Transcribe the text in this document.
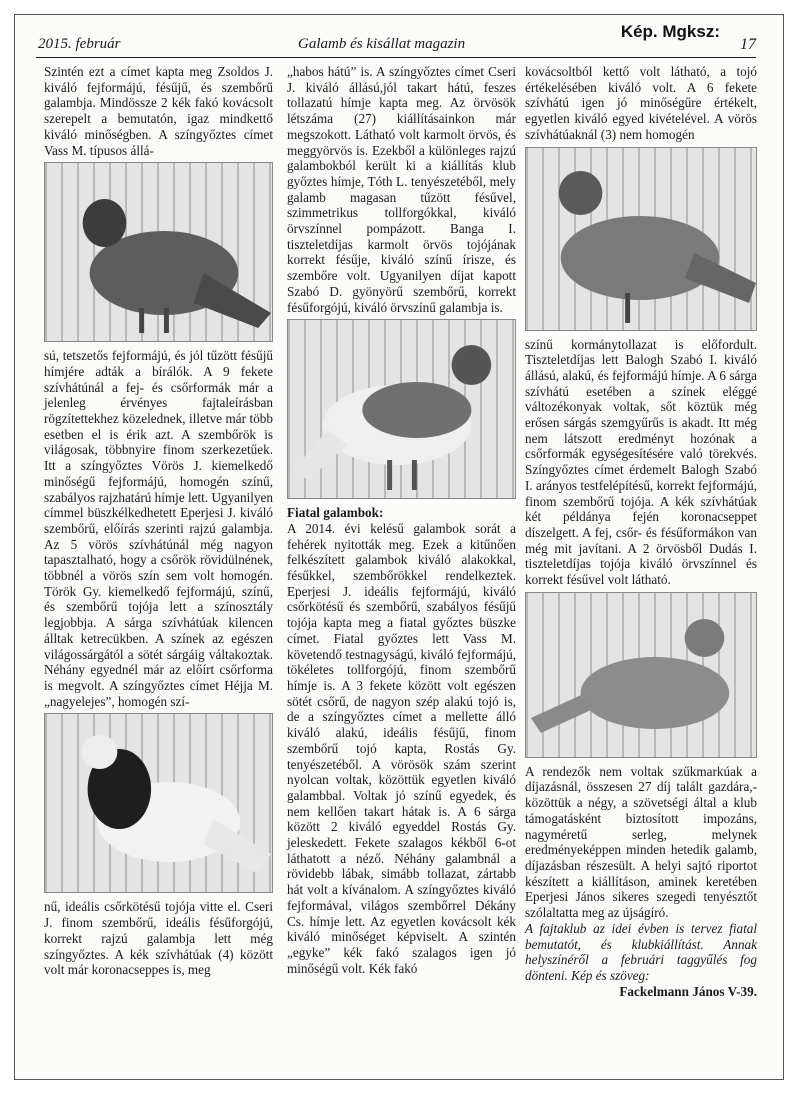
Kép. Mgksz:
2015. február	Galamb és kisállat magazin	17

Szintén ezt a címet kapta meg Zsoldos J. kiváló fejformájú, fésűjű, és szembőrű galambja. Mindössze 2 kék fakó kovácsolt szerepelt a bemutatón, igaz mindkettő kiváló minőségben. A színgyőztes címet Vass M. típusos állá-

sú, tetszetős fejformájú, és jól tűzött fésűjű hímjére adták a bírálók. A 9 fekete szívhátúnál a fej- és csőrformák már a jelenleg érvényes fajtaleírásban rögzítettekhez közelednek, illetve már több esetben el is érik azt. A szembőrök is világosak, többnyire finom szerkezetűek. Itt a színgyőztes Vörös J. kiemelkedő minőségű fejformájú, homogén színű, szabályos rajzhatárú hímje lett. Ugyanilyen címmel büszkélkedhetett Eperjesi J. kiváló szembőrű, előírás szerinti rajzú galambja. Az 5 vörös szívhátúnál még nagyon tapasztalható, hogy a csőrök rövidülnének, többnél a vörös szín sem volt homogén. Török Gy. kiemelkedő fejformájú, színű, és szembőrű tojója lett a színosztály legjobbja. A sárga szívhátúak kilencen álltak ketrecükben. A színek az egészen világossárgától a sötét sárgáig váltakoztak. Néhány egyednél már az előírt csőrforma is megvolt. A színgyőztes címet Héjja M. „nagyelejes”, homogén szí-

nű, ideális csőrkötésű tojója vitte el. Cseri J. finom szembőrű, ideális fésűforgójú, korrekt rajzú galambja lett még színgyőztes. A kék szívhátúak (4) között volt már koronacseppes is, meg

„habos hátú” is. A színgyőztes címet Cseri J. kiváló állású,jól takart hátú, feszes tollazatú hímje kapta meg. Az örvösök létszáma (27) kiállításainkon már megszokott. Látható volt karmolt örvös, és meggyörvös is. Ezekből a különleges rajzú galambokból került ki a kiállítás klub győztes hímje, Tóth L. tenyészetéből, mely galamb magasan tűzött fésűvel, szimmetrikus tollforgókkal, kiváló örvszínnel pompázott. Banga I. tiszteletdíjas karmolt örvös tojójának korrekt fésűje, kiváló színű írisze, és szembőre volt. Ugyanilyen díjat kapott Szabó D. gyönyörű szembőrű, korrekt fésűforgójú, kiváló örvszínű galambja is.

Fiatal galambok:

A 2014. évi kelésű galambok sorát a fehérek nyitották meg. Ezek a kitűnően felkészített galambok kiváló alakokkal, fésűkkel, szembőrökkel rendelkeztek. Eperjesi J. ideális fejformájú, kiváló csőrkötésű és szembőrű, szabályos fésűjű tojója kapta meg a fiatal győztes büszke címet. Fiatal győztes lett Vass M. követendő testnagyságú, kiváló fejformájú, tökéletes tollforgójú, finom szembőrű hímje is. A 3 fekete között volt egészen sötét csőrű, de nagyon szép alakú tojó is, de a színgyőztes címet a mellette álló kiváló alakú, ideális fésűjű, finom szembőrű tojó kapta, Rostás Gy. tenyészetéből. A vörösök szám szerint nyolcan voltak, közöttük egyetlen kiváló galambbal. Voltak jó színű egyedek, és nem kellően takart hátak is. A 6 sárga között 2 kiváló egyeddel Rostás Gy. jeleskedett. Fekete szalagos kékből 6-ot láthatott a néző. Néhány galambnál a rövidebb lábak, simább tollazat, zártabb hát volt a kívánalom. A színgyőztes kiváló fejformával, világos szembőrrel Dékány Cs. hímje lett. Az egyetlen kovácsolt kék kiváló minőséget képviselt. A szintén „egyke” kék fakó szalagos igen jó minőségű volt. Kék fakó

kovácsoltból kettő volt látható, a tojó értékelésében kiváló volt. A 6 fekete szívhátú igen jó minőségűre értékelt, egyetlen kiváló egyed kivételével. A vörös szívhátúaknál (3) nem homogén

színű kormánytollazat is előfordult. Tiszteletdíjas lett Balogh Szabó I. kiváló állású, alakú, és fejformájú hímje. A 6 sárga szívhátú esetében a színek eléggé változékonyak voltak, sőt köztük még erősen sárgás szemgyűrűs is akadt. Itt még nem látszott eredményt hozónak a csőrformák egységesítésére való törekvés. Színgyőztes címet érdemelt Balogh Szabó I. arányos testfelépítésű, korrekt fejformájú, finom szembőrű tojója. A kék szívhátúak két példánya fején koronacseppet díszelgett. A fej, csőr- és fésűformákon van még mit javítani. A 2 örvösből Dudás I. tiszteletdíjas tojója kiváló örvszínnel és korrekt fésűvel volt látható.

A rendezők nem voltak szűkmarkúak a díjazásnál, összesen 27 díj talált gazdára,- közöttük a négy, a szövetségi által a klub támogatásként biztosított impozáns, nagyméretű serleg, melynek eredményeképpen minden hetedik galamb, díjazásban részesült. A helyi sajtó riportot készített a kiállításon, aminek keretében Eperjesi János sikeres szegedi tenyésztőt szólaltatta meg az újságíró.

A fajtaklub az idei évben is tervez fiatal bemutatót, és klubkiállítást. Annak helyszínéről a februári taggyűlés fog dönteni. Kép és szöveg:

Fackelmann János V-39.
